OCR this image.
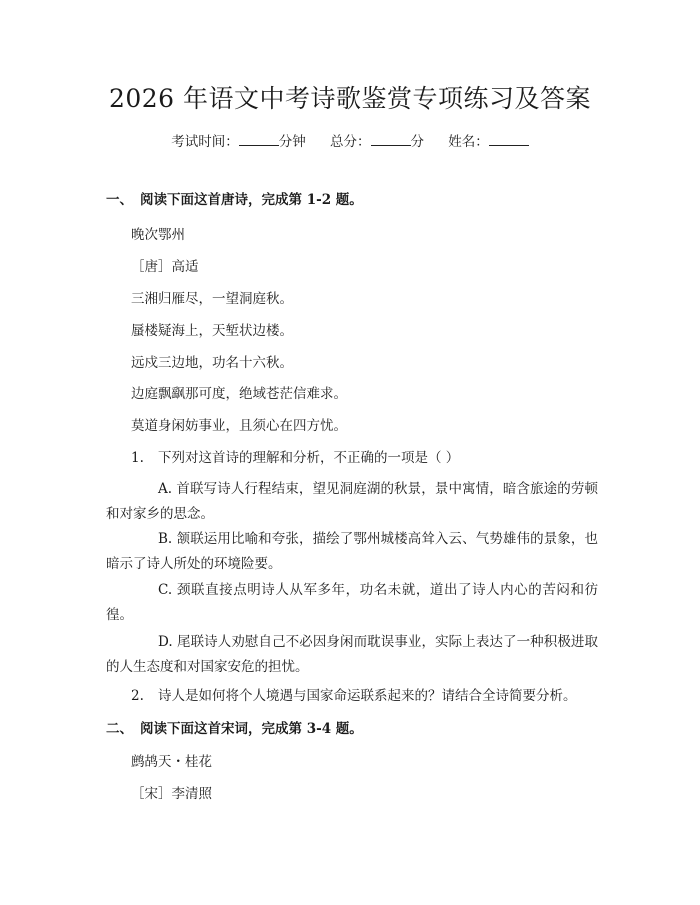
2026 年语文中考诗歌鉴赏专项练习及答案
考试时间：	分钟 总分：	分 姓名：
一、 阅读下面这首唐诗，完成第 1-2 题。
晚次鄂州
［唐］高适
三湘归雁尽，一望洞庭秋。
蜃楼疑海上，天堑状边楼。
远戍三边地，功名十六秋。
边庭飘飖那可度，绝域苍茫信难求。
莫道身闲妨事业，且须心在四方忧。
1. 下列对这首诗的理解和分析，不正确的一项是（ ）
A. 首联写诗人行程结束，望见洞庭湖的秋景，景中寓情，暗含旅途的劳顿和对家乡的思念。
B. 颔联运用比喻和夸张，描绘了鄂州城楼高耸入云、气势雄伟的景象，也暗示了诗人所处的环境险要。
C. 颈联直接点明诗人从军多年，功名未就，道出了诗人内心的苦闷和彷徨。
D. 尾联诗人劝慰自己不必因身闲而耽误事业，实际上表达了一种积极进取的人生态度和对国家安危的担忧。
2. 诗人是如何将个人境遇与国家命运联系起来的？请结合全诗简要分析。
二、 阅读下面这首宋词，完成第 3-4 题。
鹧鸪天・桂花
［宋］李清照
